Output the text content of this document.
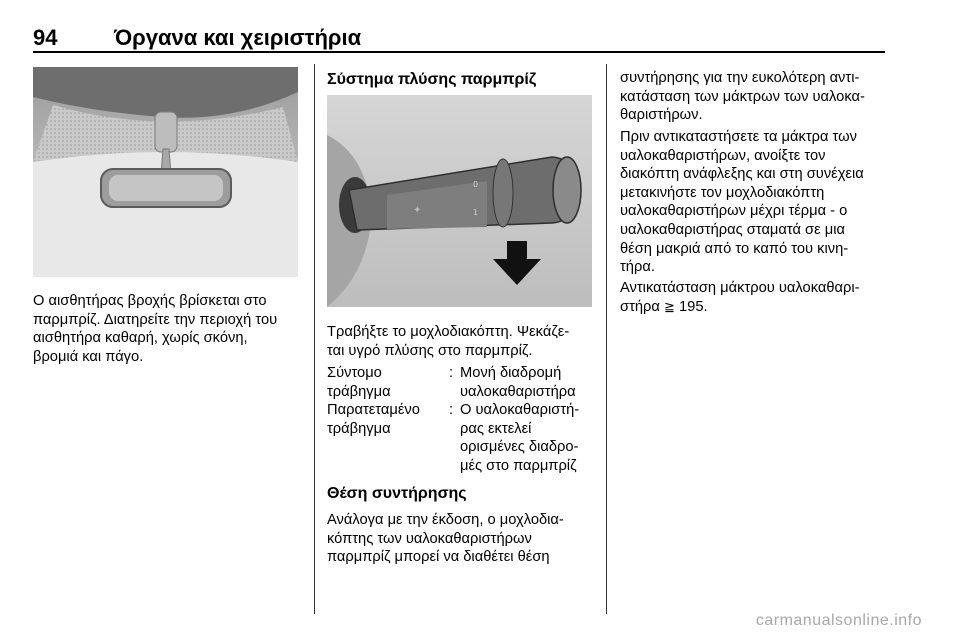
94	Όργανα και χειριστήρια

Ο αισθητήρας βροχής βρίσκεται στο
παρμπρίζ. Διατηρείτε την περιοχή του
αισθητήρα καθαρή, χωρίς σκόνη,
βρομιά και πάγο.

Σύστημα πλύσης παρμπρίζ
✦
0
1

Τραβήξτε το μοχλοδιακόπτη. Ψεκάζε-
ται υγρό πλύσης στο παρμπρίζ.

Σύντομο
τράβηγμα
: Μονή διαδρομή
υαλοκαθαριστήρα
Παρατεταμένο
τράβηγμα
: Ο υαλοκαθαριστή-
ρας εκτελεί
ορισμένες διαδρο-
μές στο παρμπρίζ
Θέση συντήρησης

Ανάλογα με την έκδοση, ο μοχλοδια-
κόπτης των υαλοκαθαριστήρων
παρμπρίζ μπορεί να διαθέτει θέση

συντήρησης για την ευκολότερη αντι-
κατάσταση των μάκτρων των υαλοκα-
θαριστήρων.

Πριν αντικαταστήσετε τα μάκτρα των
υαλοκαθαριστήρων, ανοίξτε τον
διακόπτη ανάφλεξης και στη συνέχεια
μετακινήστε τον μοχλοδιακόπτη
υαλοκαθαριστήρων μέχρι τέρμα - ο
υαλοκαθαριστήρας σταματά σε μια
θέση μακριά από το καπό του κινη-
τήρα.

Αντικατάσταση μάκτρου υαλοκαθαρι-
στήρα ≧ 195.

carmanualsonline.info
